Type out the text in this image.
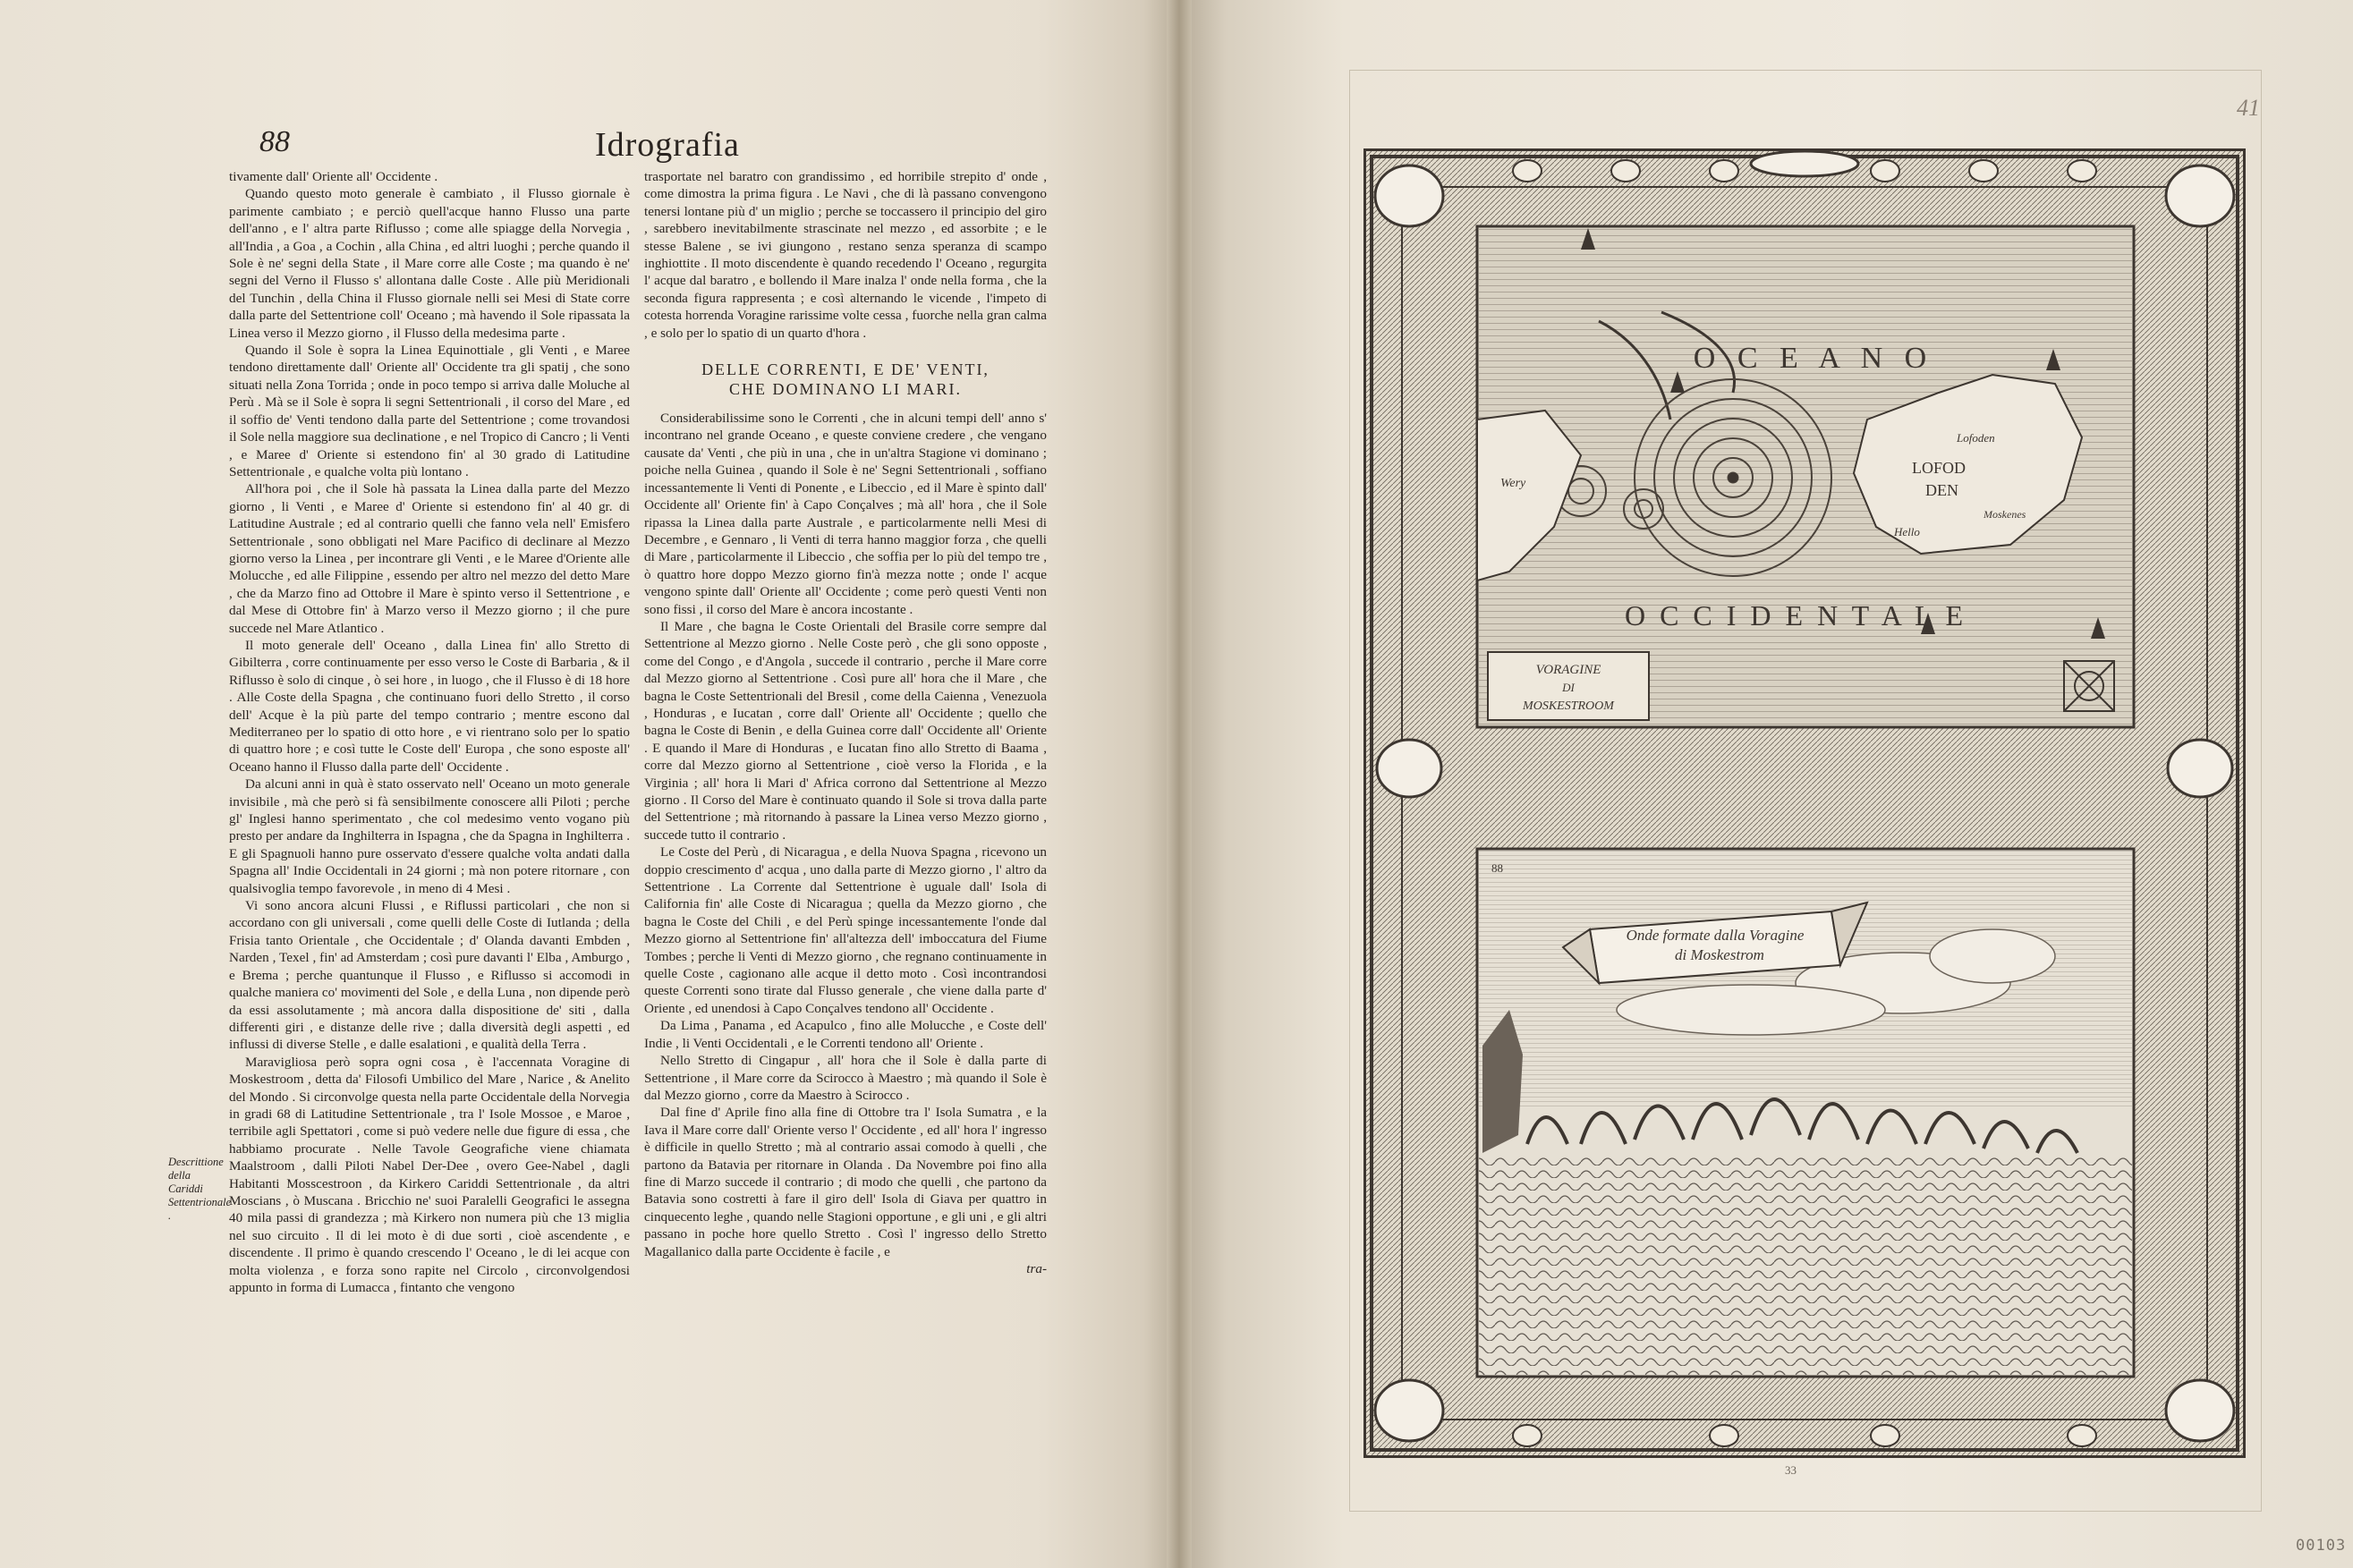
88	Idrografia

tivamente dall' Oriente all' Occidente .

Quando questo moto generale è cambiato , il Flusso giornale è parimente cambiato ; e perciò quell'acque hanno Flusso una parte dell'anno , e l' altra parte Riflusso ; come alle spiagge della Norvegia , all'India , a Goa , a Cochin , alla China , ed altri luoghi ; perche quando il Sole è ne' segni della State , il Mare corre alle Coste ; ma quando è ne' segni del Verno il Flusso s' allontana dalle Coste . Alle più Meridionali del Tunchin , della China il Flusso giornale nelli sei Mesi di State corre dalla parte del Settentrione coll' Oceano ; mà havendo il Sole ripassata la Linea verso il Mezzo giorno , il Flusso della medesima parte .

Quando il Sole è sopra la Linea Equinottiale , gli Venti , e Maree tendono direttamente dall' Oriente all' Occidente tra gli spatij , che sono situati nella Zona Torrida ; onde in poco tempo si arriva dalle Moluche al Perù . Mà se il Sole è sopra li segni Settentrionali , il corso del Mare , ed il soffio de' Venti tendono dalla parte del Settentrione ; come trovandosi il Sole nella maggiore sua declinatione , e nel Tropico di Cancro ; li Venti , e Maree d' Oriente si estendono fin' al 30 grado di Latitudine Settentrionale , e qualche volta più lontano .

All'hora poi , che il Sole hà passata la Linea dalla parte del Mezzo giorno , li Venti , e Maree d' Oriente si estendono fin' al 40 gr. di Latitudine Australe ; ed al contrario quelli che fanno vela nell' Emisfero Settentrionale , sono obbligati nel Mare Pacifico di declinare al Mezzo giorno verso la Linea , per incontrare gli Venti , e le Maree d'Oriente alle Molucche , ed alle Filippine , essendo per altro nel mezzo del detto Mare , che da Marzo fino ad Ottobre il Mare è spinto verso il Settentrione , e dal Mese di Ottobre fin' à Marzo verso il Mezzo giorno ; il che pure succede nel Mare Atlantico .

Il moto generale dell' Oceano , dalla Linea fin' allo Stretto di Gibilterra , corre continuamente per esso verso le Coste di Barbaria , & il Riflusso è solo di cinque , ò sei hore , in luogo , che il Flusso è di 18 hore . Alle Coste della Spagna , che continuano fuori dello Stretto , il corso dell' Acque è la più parte del tempo contrario ; mentre escono dal Mediterraneo per lo spatio di otto hore , e vi rientrano solo per lo spatio di quattro hore ; e così tutte le Coste dell' Europa , che sono esposte all' Oceano hanno il Flusso dalla parte dell' Occidente .

Da alcuni anni in quà è stato osservato nell' Oceano un moto generale invisibile , mà che però si fà sensibilmente conoscere alli Piloti ; perche gl' Inglesi hanno sperimentato , che col medesimo vento vogano più presto per andare da Inghilterra in Ispagna , che da Spagna in Inghilterra . E gli Spagnuoli hanno pure osservato d'essere qualche volta andati dalla Spagna all' Indie Occidentali in 24 giorni ; mà non potere ritornare , con qualsivoglia tempo favorevole , in meno di 4 Mesi .

Vi sono ancora alcuni Flussi , e Riflussi particolari , che non si accordano con gli universali , come quelli delle Coste di Iutlanda ; della Frisia tanto Orientale , che Occidentale ; d' Olanda davanti Embden , Narden , Texel , fin' ad Amsterdam ; così pure davanti l' Elba , Amburgo , e Brema ; perche quantunque il Flusso , e Riflusso si accomodi in qualche maniera co' movimenti del Sole , e della Luna , non dipende però da essi assolutamente ; mà ancora dalla dispositione de' siti , dalla differenti giri , e distanze delle rive ; dalla diversità degli aspetti , ed influssi di diverse Stelle , e dalle esalationi , e qualità della Terra .

Maravigliosa però sopra ogni cosa , è l'accennata Voragine di Moskestroom , detta da' Filosofi Umbilico del Mare , Narice , & Anelito del Mondo . Si circonvolge questa nella parte Occidentale della Norvegia in gradi 68 di Latitudine Settentrionale , tra l' Isole Mossoe , e Maroe , terribile agli Spettatori , come si può vedere nelle due figure di essa , che habbiamo procurate . Nelle Tavole Geografiche viene chiamata Maalstroom , dalli Piloti Nabel Der-Dee , overo Gee-Nabel , dagli Habitanti Mosscestroon , da Kirkero Cariddi Settentrionale , da altri Moscians , ò Muscana . Bricchio ne' suoi Paralelli Geografici le assegna 40 mila passi di grandezza ; mà Kirkero non numera più che 13 miglia nel suo circuito . Il di lei moto è di due sorti , cioè ascendente , e discendente . Il primo è quando crescendo l' Oceano , le di lei acque con molta violenza , e forza sono rapite nel Circolo , circonvolgendosi appunto in forma di Lumacca , fintanto che vengono

Descrittione della Cariddi Settentrionale .

trasportate nel baratro con grandissimo , ed horribile strepito d' onde , come dimostra la prima figura . Le Navi , che di là passano convengono tenersi lontane più d' un miglio ; perche se toccassero il principio del giro , sarebbero inevitabilmente strascinate nel mezzo , ed assorbite ; e le stesse Balene , se ivi giungono , restano senza speranza di scampo inghiottite . Il moto discendente è quando recedendo l' Oceano , regurgita l' acque dal baratro , e bollendo il Mare inalza l' onde nella forma , che la seconda figura rappresenta ; e così alternando le vicende , l'impeto di cotesta horrenda Voragine rarissime volte cessa , fuorche nella gran calma , e solo per lo spatio di un quarto d'hora .

DELLE CORRENTI, E DE' VENTI,
CHE DOMINANO LI MARI.

Considerabilissime sono le Correnti , che in alcuni tempi dell' anno s' incontrano nel grande Oceano , e queste conviene credere , che vengano causate da' Venti , che più in una , che in un'altra Stagione vi dominano ; poiche nella Guinea , quando il Sole è ne' Segni Settentrionali , soffiano incessantemente li Venti di Ponente , e Libeccio , ed il Mare è spinto dall' Occidente all' Oriente fin' à Capo Conçalves ; mà all' hora , che il Sole ripassa la Linea dalla parte Australe , e particolarmente nelli Mesi di Decembre , e Gennaro , li Venti di terra hanno maggior forza , che quelli di Mare , particolarmente il Libeccio , che soffia per lo più del tempo tre , ò quattro hore doppo Mezzo giorno fin'à mezza notte ; onde l' acque vengono spinte dall' Oriente all' Occidente ; come però questi Venti non sono fissi , il corso del Mare è ancora incostante .

Il Mare , che bagna le Coste Orientali del Brasile corre sempre dal Settentrione al Mezzo giorno . Nelle Coste però , che gli sono opposte , come del Congo , e d'Angola , succede il contrario , perche il Mare corre dal Mezzo giorno al Settentrione . Così pure all' hora che il Mare , che bagna le Coste Settentrionali del Bresil , come della Caienna , Venezuola , Honduras , e Iucatan , corre dall' Oriente all' Occidente ; quello che bagna le Coste di Benin , e della Guinea corre dall' Occidente all' Oriente . E quando il Mare di Honduras , e Iucatan fino allo Stretto di Baama , corre dal Mezzo giorno al Settentrione , cioè verso la Florida , e la Virginia ; all' hora li Mari d' Africa corrono dal Settentrione al Mezzo giorno . Il Corso del Mare è continuato quando il Sole si trova dalla parte del Settentrione ; mà ritornando à passare la Linea verso Mezzo giorno , succede tutto il contrario .

Le Coste del Perù , di Nicaragua , e della Nuova Spagna , ricevono un doppio crescimento d' acqua , uno dalla parte di Mezzo giorno , l' altro da Settentrione . La Corrente dal Settentrione è uguale dall' Isola di California fin' alle Coste di Nicaragua ; quella da Mezzo giorno , che bagna le Coste del Chili , e del Perù spinge incessantemente l'onde dal Mezzo giorno al Settentrione fin' all'altezza dell' imboccatura del Fiume Tombes ; perche li Venti di Mezzo giorno , che regnano continuamente in quelle Coste , cagionano alle acque il detto moto . Così incontrandosi queste Correnti sono tirate dal Flusso generale , che viene dalla parte d' Oriente , ed unendosi à Capo Conçalves tendono all' Occidente .

Da Lima , Panama , ed Acapulco , fino alle Molucche , e Coste dell' Indie , li Venti Occidentali , e le Correnti tendono all' Oriente .

Nello Stretto di Cingapur , all' hora che il Sole è dalla parte di Settentrione , il Mare corre da Scirocco à Maestro ; mà quando il Sole è dal Mezzo giorno , corre da Maestro à Scirocco .

Dal fine d' Aprile fino alla fine di Ottobre tra l' Isola Sumatra , e la Iava il Mare corre dall' Oriente verso l' Occidente , ed all' hora l' ingresso è difficile in quello Stretto ; mà al contrario assai comodo à quelli , che partono da Batavia per ritornare in Olanda . Da Novembre poi fino alla fine di Marzo succede il contrario ; di modo che quelli , che partono da Batavia sono costretti à fare il giro dell' Isola di Giava per quattro in cinquecento leghe , quando nelle Stagioni opportune , e gli uni , e gli altri passano in poche hore quello Stretto . Così l' ingresso dello Stretto Magallanico dalla parte Occidente è facile , e

tra-
41
O C E A N O
O C C I D E N T A L E
Wery
Lofoden
LOFOD
DEN
Moskenes
Hello
VORAGINE
DI
MOSKESTROOM
Onde formate dalla Voragine
di Moskestrom
88
33
00103
